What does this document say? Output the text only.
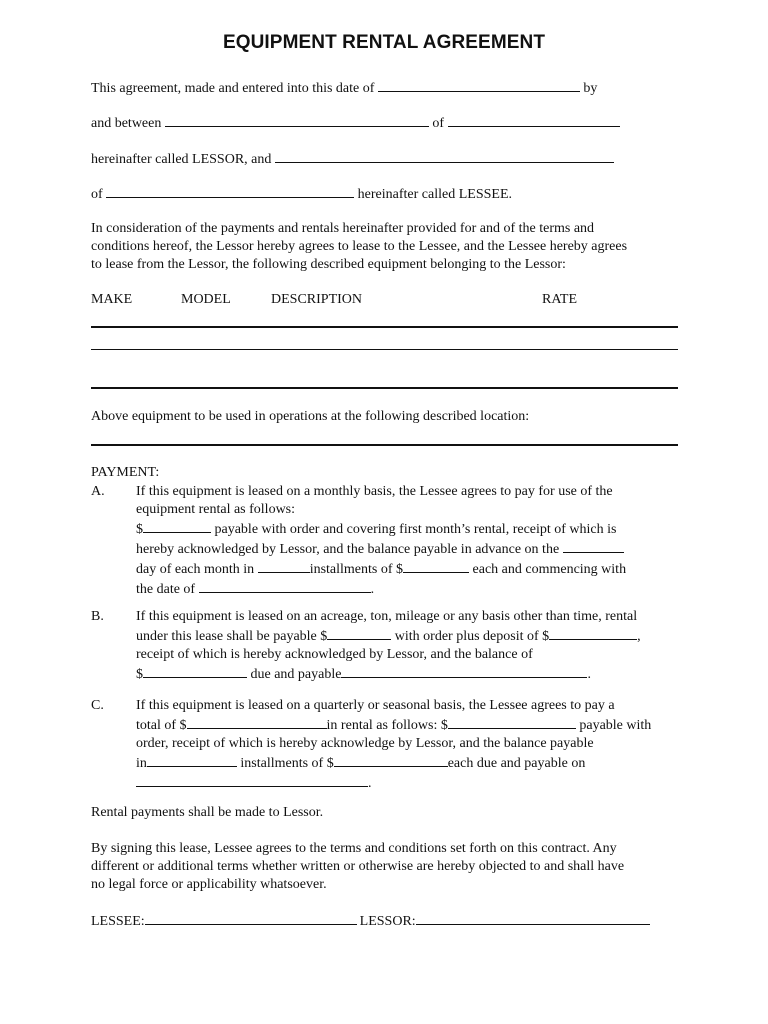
EQUIPMENT RENTAL AGREEMENT
This agreement, made and entered into this date of	by
and between	of
hereinafter called LESSOR, and
of	hereinafter called LESSEE.
In consideration of the payments and rentals hereinafter provided for and of the terms and
conditions hereof, the Lessor hereby agrees to lease to the Lessee, and the Lessee hereby agrees
to lease from the Lessor, the following described equipment belonging to the Lessor:
MAKE	MODEL	DESCRIPTION	RATE
Above equipment to be used in operations at the following described location:
PAYMENT:
A. If this equipment is leased on a monthly basis, the Lessee agrees to pay for use of the
equipment rental as follows:
$	payable with order and covering first month’s rental, receipt of which is
hereby acknowledged by Lessor, and the balance payable in advance on the
day of each month in	installments of $	each and commencing with
the date of	.
B. If this equipment is leased on an acreage, ton, mileage or any basis other than time, rental
under this lease shall be payable $	with order plus deposit of $	,
receipt of which is hereby acknowledged by Lessor, and the balance of
$	due and payable	.
C. If this equipment is leased on a quarterly or seasonal basis, the Lessee agrees to pay a
total of $	in rental as follows: $	payable with
order, receipt of which is hereby acknowledge by Lessor, and the balance payable
in	installments of $	each due and payable on
.
Rental payments shall be made to Lessor.
By signing this lease, Lessee agrees to the terms and conditions set forth on this contract. Any
different or additional terms whether written or otherwise are hereby objected to and shall have
no legal force or applicability whatsoever.
LESSEE:	LESSOR:
